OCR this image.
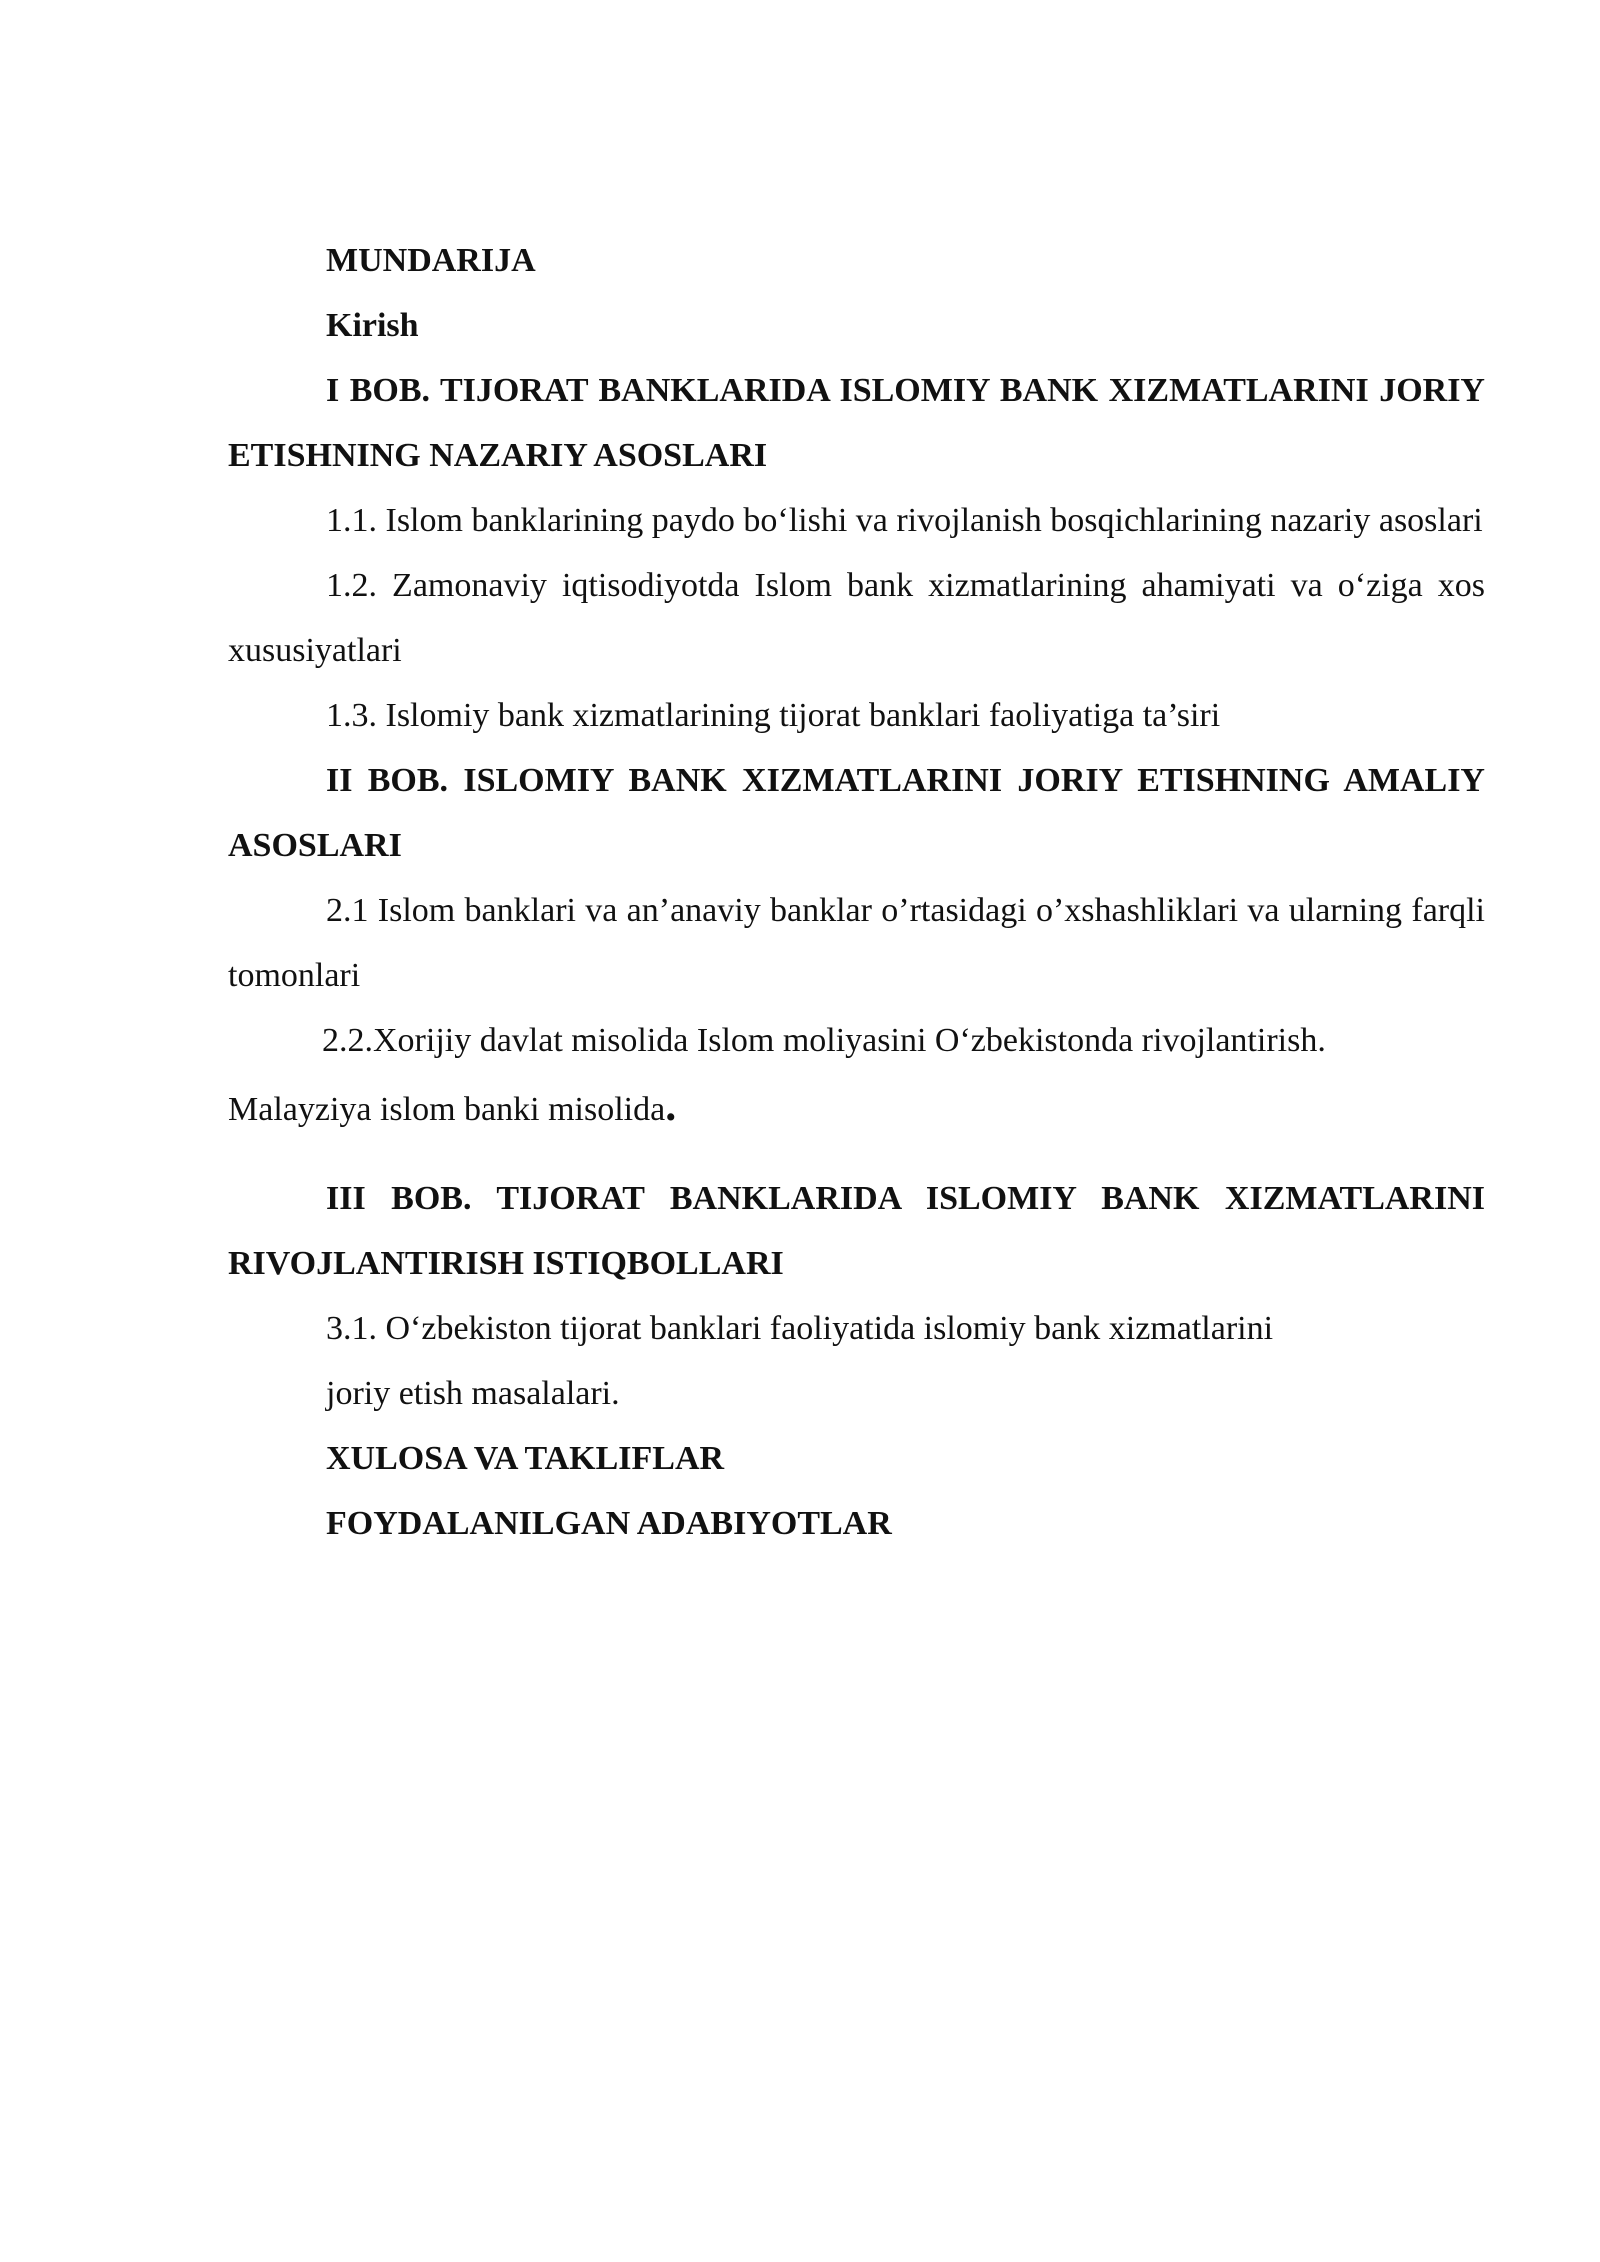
MUNDARIJA

Kirish

I BOB. TIJORAT BANKLARIDA ISLOMIY BANK XIZMATLARINI JORIY ETISHNING NAZARIY ASOSLARI

1.1. Islom banklarining paydo bo‘lishi va rivojlanish bosqichlarining nazariy asoslari

1.2. Zamonaviy iqtisodiyotda Islom bank xizmatlarining ahamiyati va o‘ziga xos xususiyatlari

1.3. Islomiy bank xizmatlarining tijorat banklari faoliyatiga ta’siri

II BOB. ISLOMIY BANK XIZMATLARINI JORIY ETISHNING AMALIY ASOSLARI

2.1 Islom banklari va an’anaviy banklar o’rtasidagi o’xshashliklari va ularning farqli tomonlari

2.2.Xorijiy davlat misolida Islom moliyasini O‘zbekistonda rivojlantirish.

Malayziya islom banki misolida.

III BOB. TIJORAT BANKLARIDA ISLOMIY BANK XIZMATLARINI RIVOJLANTIRISH ISTIQBOLLARI

3.1. O‘zbekiston tijorat banklari faoliyatida islomiy bank xizmatlarini

joriy etish masalalari.

XULOSA VA TAKLIFLAR

FOYDALANILGAN ADABIYOTLAR
